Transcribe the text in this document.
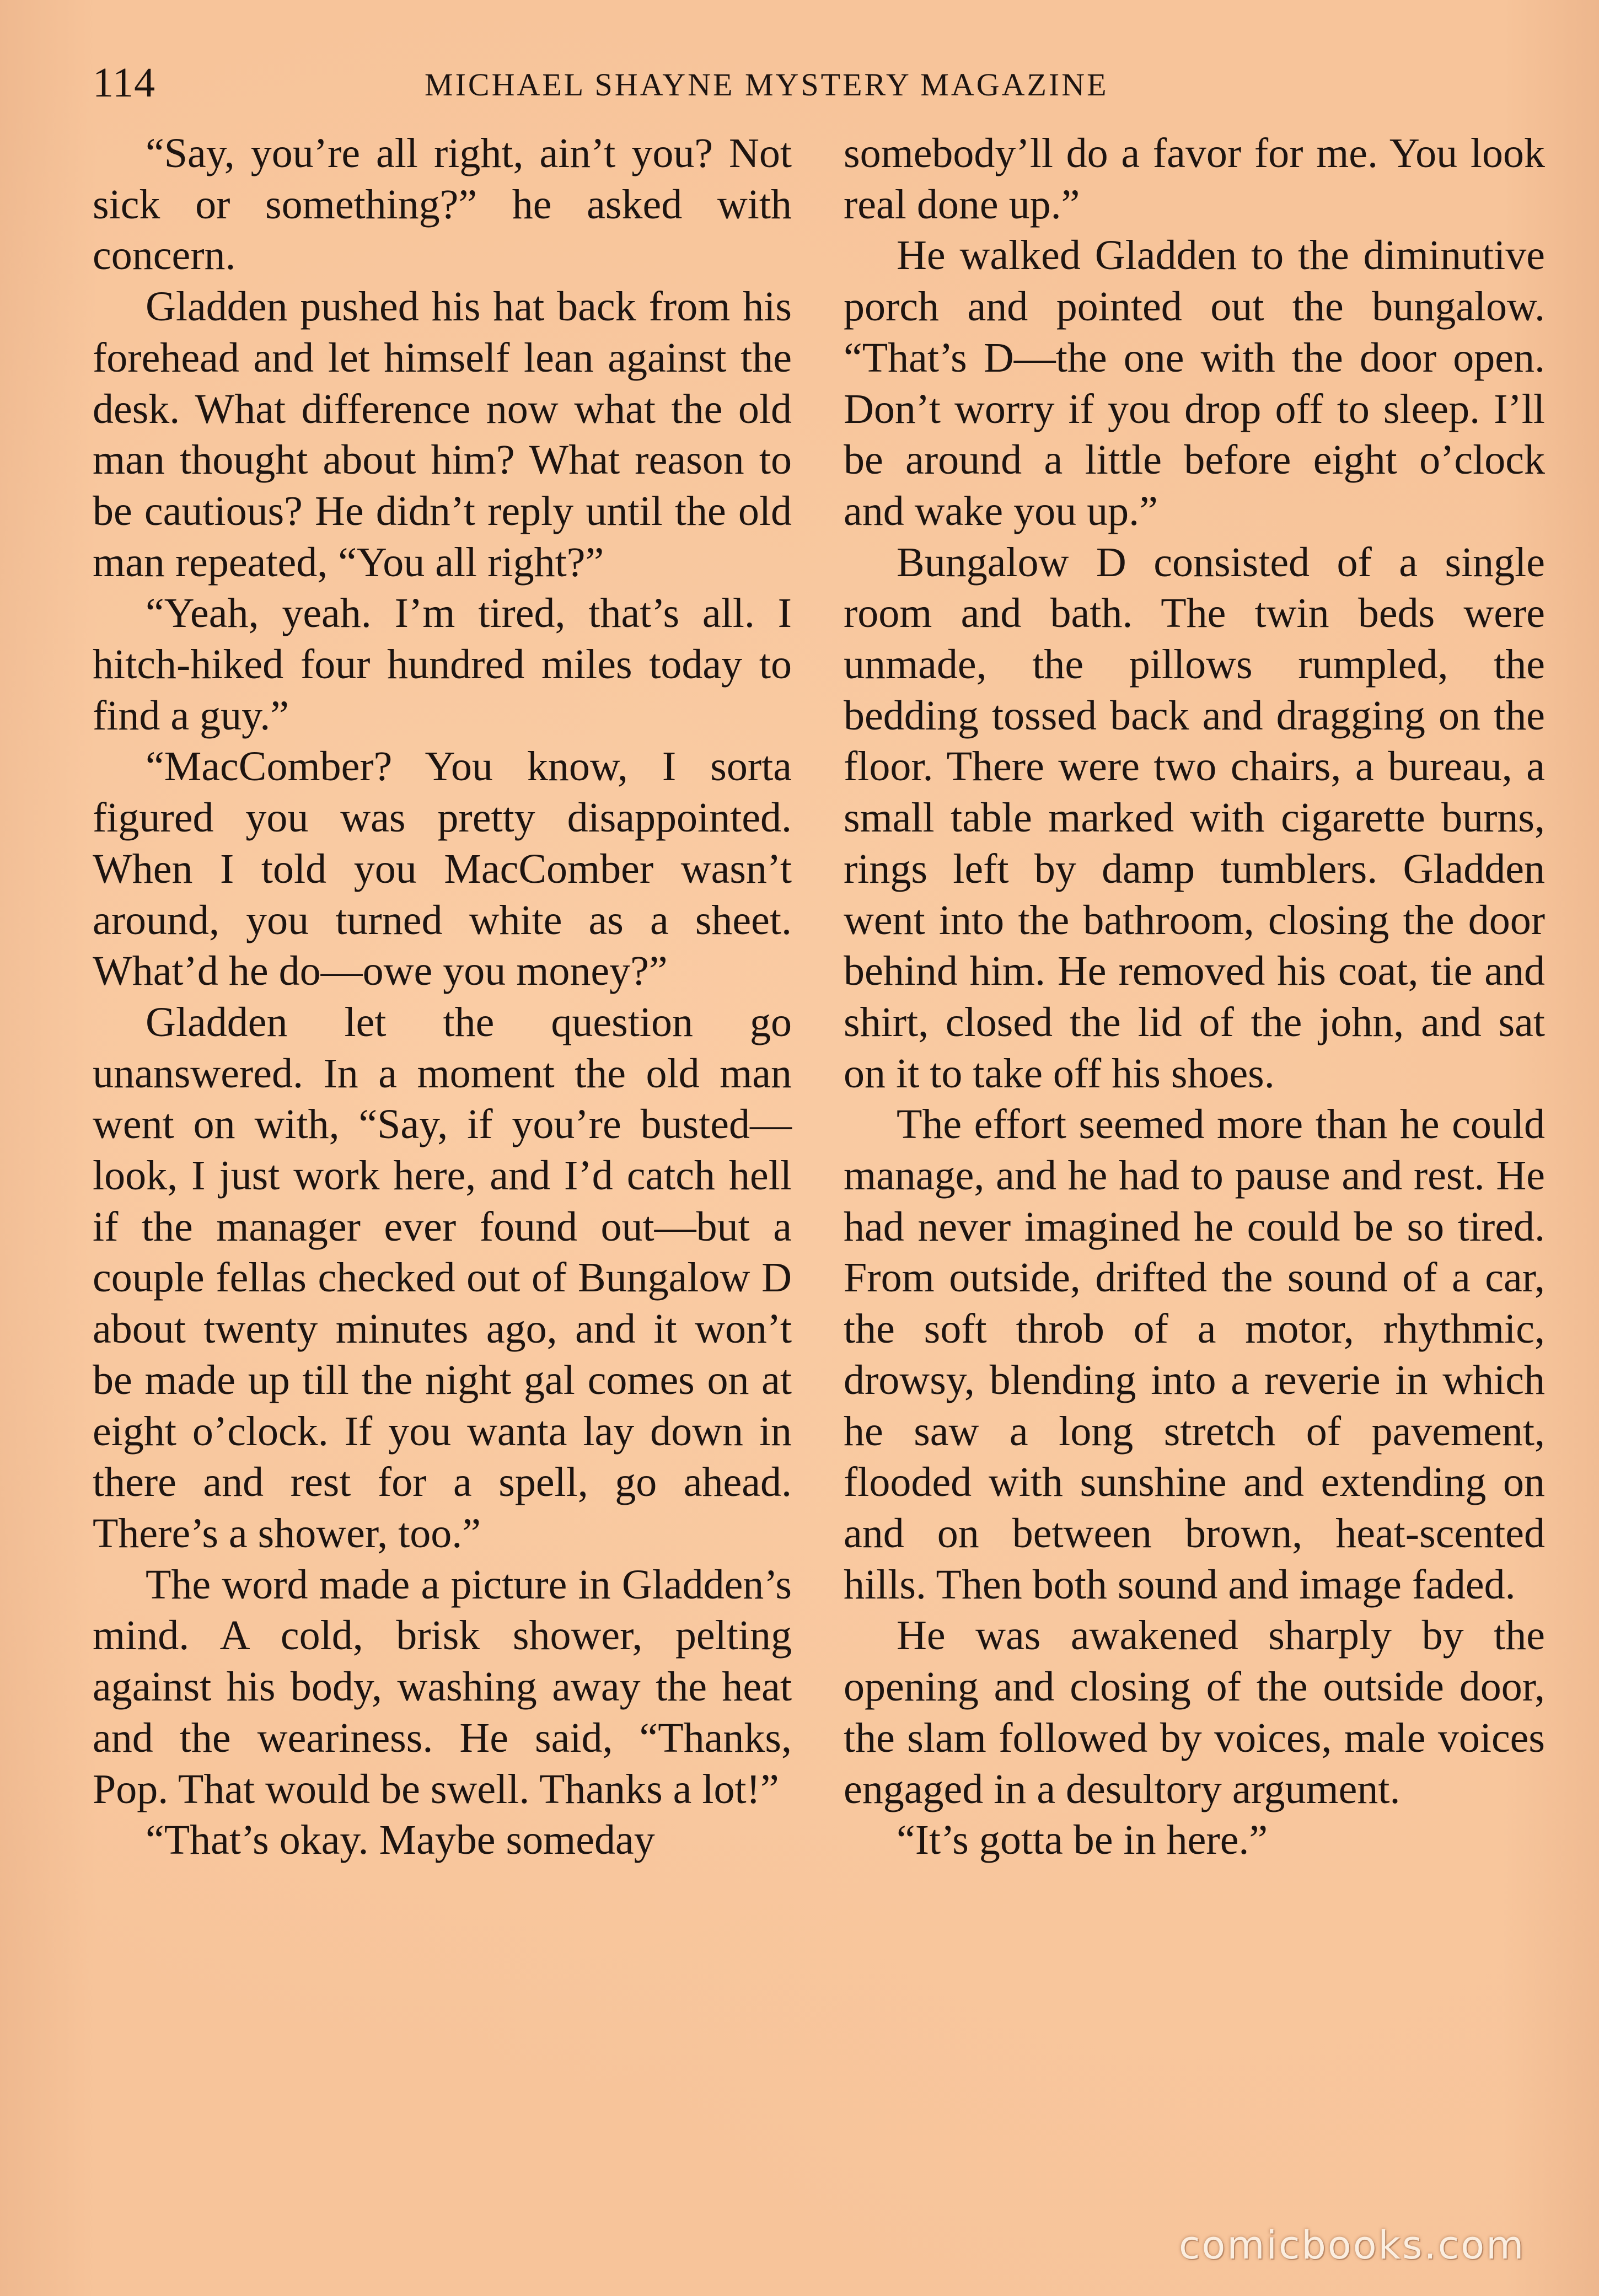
114	MICHAEL SHAYNE MYSTERY MAGAZINE

“Say, you’re all right, ain’t you? Not sick or something?” he asked with concern.

Gladden pushed his hat back from his forehead and let himself lean against the desk. What difference now what the old man thought about him? What reason to be cautious? He didn’t reply until the old man repeated, “You all right?”

“Yeah, yeah. I’m tired, that’s all. I hitch-hiked four hundred miles today to find a guy.”

“MacComber? You know, I sorta figured you was pretty disappointed. When I told you MacComber wasn’t around, you turned white as a sheet. What’d he do—owe you money?”

Gladden let the question go unanswered. In a moment the old man went on with, “Say, if you’re busted—look, I just work here, and I’d catch hell if the manager ever found out—but a couple fellas checked out of Bungalow D about twenty minutes ago, and it won’t be made up till the night gal comes on at eight o’clock. If you wanta lay down in there and rest for a spell, go ahead. There’s a shower, too.”

The word made a picture in Gladden’s mind. A cold, brisk shower, pelting against his body, washing away the heat and the weariness. He said, “Thanks, Pop. That would be swell. Thanks a lot!”

“That’s okay. Maybe someday

somebody’ll do a favor for me. You look real done up.”

He walked Gladden to the diminutive porch and pointed out the bungalow. “That’s D—the one with the door open. Don’t worry if you drop off to sleep. I’ll be around a little before eight o’clock and wake you up.”

Bungalow D consisted of a single room and bath. The twin beds were unmade, the pillows rumpled, the bedding tossed back and dragging on the floor. There were two chairs, a bureau, a small table marked with cigarette burns, rings left by damp tumblers. Gladden went into the bathroom, closing the door behind him. He removed his coat, tie and shirt, closed the lid of the john, and sat on it to take off his shoes.

The effort seemed more than he could manage, and he had to pause and rest. He had never imagined he could be so tired. From outside, drifted the sound of a car, the soft throb of a motor, rhythmic, drowsy, blending into a reverie in which he saw a long stretch of pavement, flooded with sunshine and extending on and on between brown, heat-scented hills. Then both sound and image faded.

He was awakened sharply by the opening and closing of the outside door, the slam followed by voices, male voices engaged in a desultory argument.

“It’s gotta be in here.”

comicbooks.com
